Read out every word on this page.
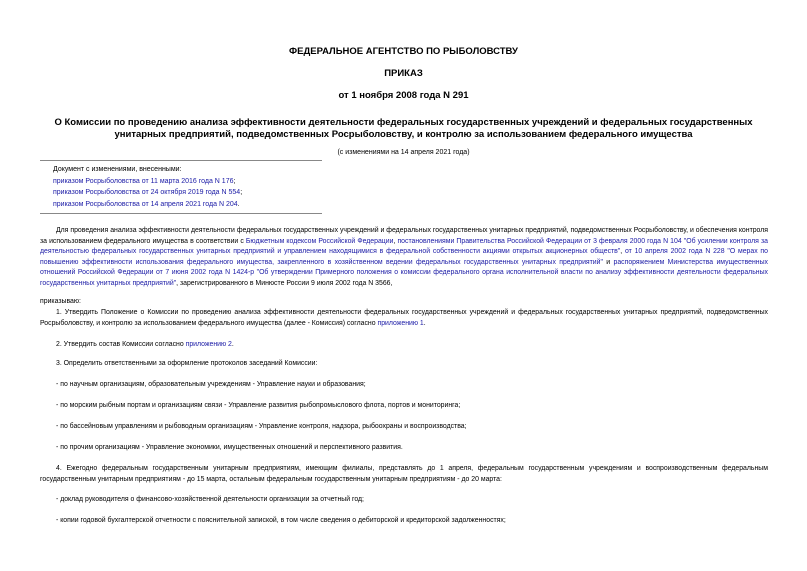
ФЕДЕРАЛЬНОЕ АГЕНТСТВО ПО РЫБОЛОВСТВУ
ПРИКАЗ
от 1 ноября 2008 года N 291
О Комиссии по проведению анализа эффективности деятельности федеральных государственных учреждений и федеральных государственных унитарных предприятий, подведомственных Росрыболовству, и контролю за использованием федерального имущества
(с изменениями на 14 апреля 2021 года)
Документ с изменениями, внесенными:
приказом Росрыболовства от 11 марта 2016 года N 176;
приказом Росрыболовства от 24 октября 2019 года N 554;
приказом Росрыболовства от 14 апреля 2021 года N 204.
Для проведения анализа эффективности деятельности федеральных государственных учреждений и федеральных государственных унитарных предприятий, подведомственных Росрыболовству, и обеспечения контроля за использованием федерального имущества в соответствии с Бюджетным кодексом Российской Федерации, постановлениями Правительства Российской Федерации от 3 февраля 2000 года N 104 "Об усилении контроля за деятельностью федеральных государственных унитарных предприятий и управлением находящимися в федеральной собственности акциями открытых акционерных обществ", от 10 апреля 2002 года N 228 "О мерах по повышению эффективности использования федерального имущества, закрепленного в хозяйственном ведении федеральных государственных унитарных предприятий" и распоряжением Министерства имущественных отношений Российской Федерации от 7 июня 2002 года N 1424-р "Об утверждении Примерного положения о комиссии федерального органа исполнительной власти по анализу эффективности деятельности федеральных государственных унитарных предприятий", зарегистрированного в Минюсте России 9 июля 2002 года N 3566,
приказываю:
1. Утвердить Положение о Комиссии по проведению анализа эффективности деятельности федеральных государственных учреждений и федеральных государственных унитарных предприятий, подведомственных Росрыболовству, и контролю за использованием федерального имущества (далее - Комиссия) согласно приложению 1.
2. Утвердить состав Комиссии согласно приложению 2.
3. Определить ответственными за оформление протоколов заседаний Комиссии:
- по научным организациям, образовательным учреждениям - Управление науки и образования;
- по морским рыбным портам и организациям связи - Управление развития рыбопромыслового флота, портов и мониторинга;
- по бассейновым управлениям и рыбоводным организациям - Управление контроля, надзора, рыбоохраны и воспроизводства;
- по прочим организациям - Управление экономики, имущественных отношений и перспективного развития.
4. Ежегодно федеральным государственным унитарным предприятиям, имеющим филиалы, представлять до 1 апреля, федеральным государственным учреждениям и воспроизводственным федеральным государственным унитарным предприятиям - до 15 марта, остальным федеральным государственным унитарным предприятиям - до 20 марта:
- доклад руководителя о финансово-хозяйственной деятельности организации за отчетный год;
- копии годовой бухгалтерской отчетности с пояснительной запиской, в том числе сведения о дебиторской и кредиторской задолженностях;
